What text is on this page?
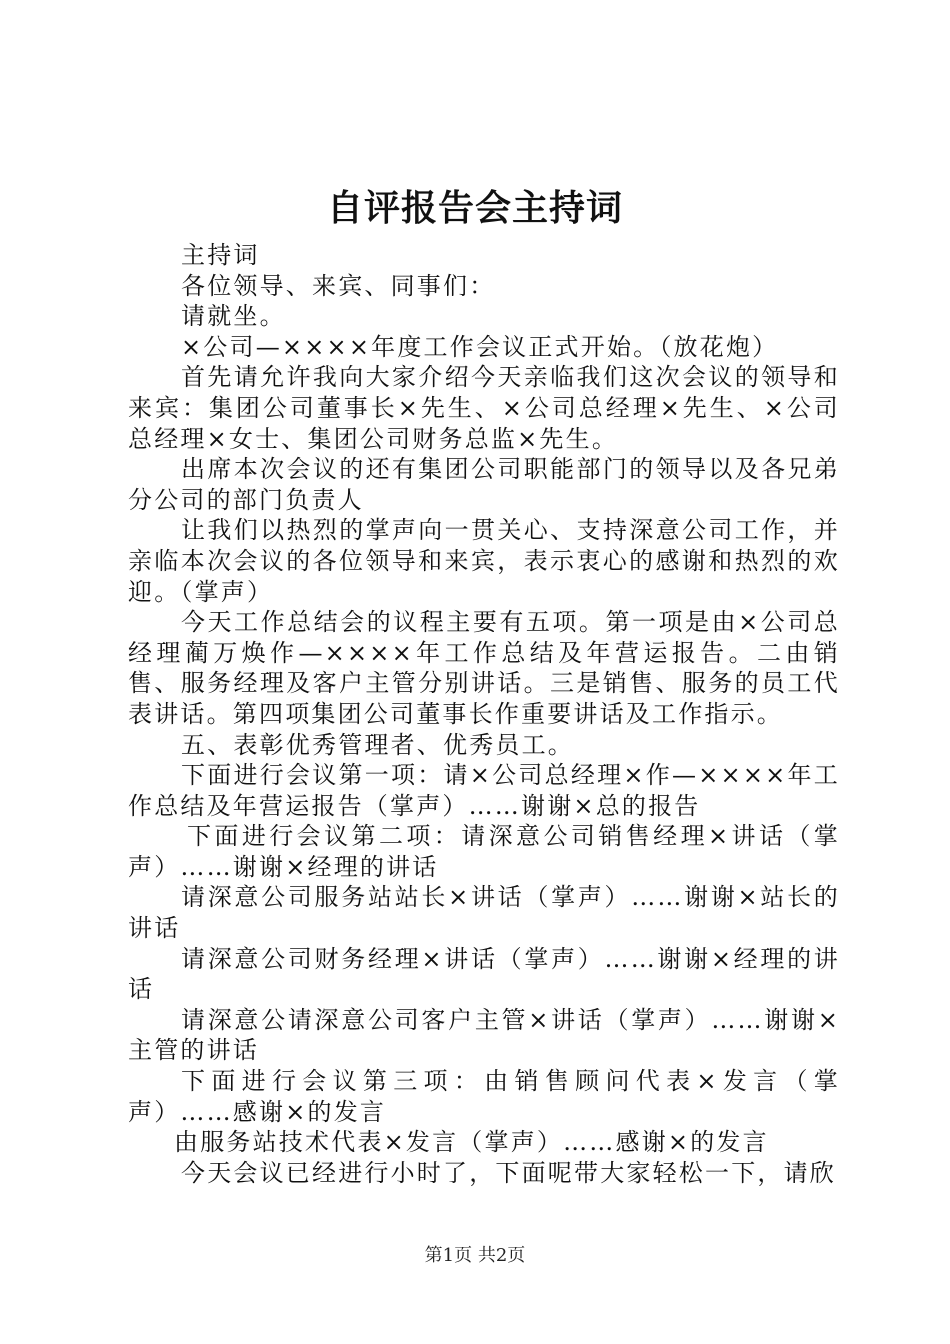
自评报告会主持词

主持词

各位领导、来宾、同事们：

请就坐。

×公司—××××年度工作会议正式开始。（放花炮）

首先请允许我向大家介绍今天亲临我们这次会议的领导和来宾：集团公司董事长×先生、×公司总经理×先生、×公司总经理×女士、集团公司财务总监×先生。

出席本次会议的还有集团公司职能部门的领导以及各兄弟分公司的部门负责人

让我们以热烈的掌声向一贯关心、支持深意公司工作，并亲临本次会议的各位领导和来宾，表示衷心的感谢和热烈的欢迎。（掌声）

今天工作总结会的议程主要有五项。第一项是由×公司总经理蔺万焕作—××××年工作总结及年营运报告。二由销售、服务经理及客户主管分别讲话。三是销售、服务的员工代表讲话。第四项集团公司董事长作重要讲话及工作指示。

五、表彰优秀管理者、优秀员工。

下面进行会议第一项：请×公司总经理×作—××××年工作总结及年营运报告（掌声）……谢谢×总的报告

下面进行会议第二项：请深意公司销售经理×讲话（掌声）……谢谢×经理的讲话

请深意公司服务站站长×讲话（掌声）……谢谢×站长的讲话

请深意公司财务经理×讲话（掌声）……谢谢×经理的讲话

请深意公请深意公司客户主管×讲话（掌声）……谢谢×主管的讲话

下面进行会议第三项：由销售顾问代表×发言（掌声）……感谢×的发言

由服务站技术代表×发言（掌声）……感谢×的发言

今天会议已经进行小时了，下面呢带大家轻松一下，请欣

第1页 共2页
